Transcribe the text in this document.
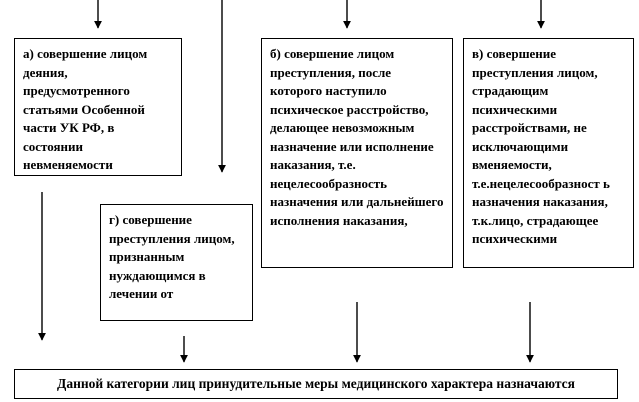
а) совершение лицом деяния, предусмотренного статьями Особенной части УК РФ, в состоянии невменяемости
б) совершение лицом преступления, после которого наступило психическое расстройство, делающее невозможным назначение или исполнение наказания, т.е. нецелесообразность назначения или дальнейшего исполнения наказания,
в) совершение преступления лицом, страдающим психическими расстройствами, не исключающими вменяемости, т.е.нецелесообразност ь назначения наказания, т.к.лицо, страдающее психическими
г) совершение преступления лицом, признанным нуждающимся в лечении от
Данной категории лиц принудительные меры медицинского характера назначаются
